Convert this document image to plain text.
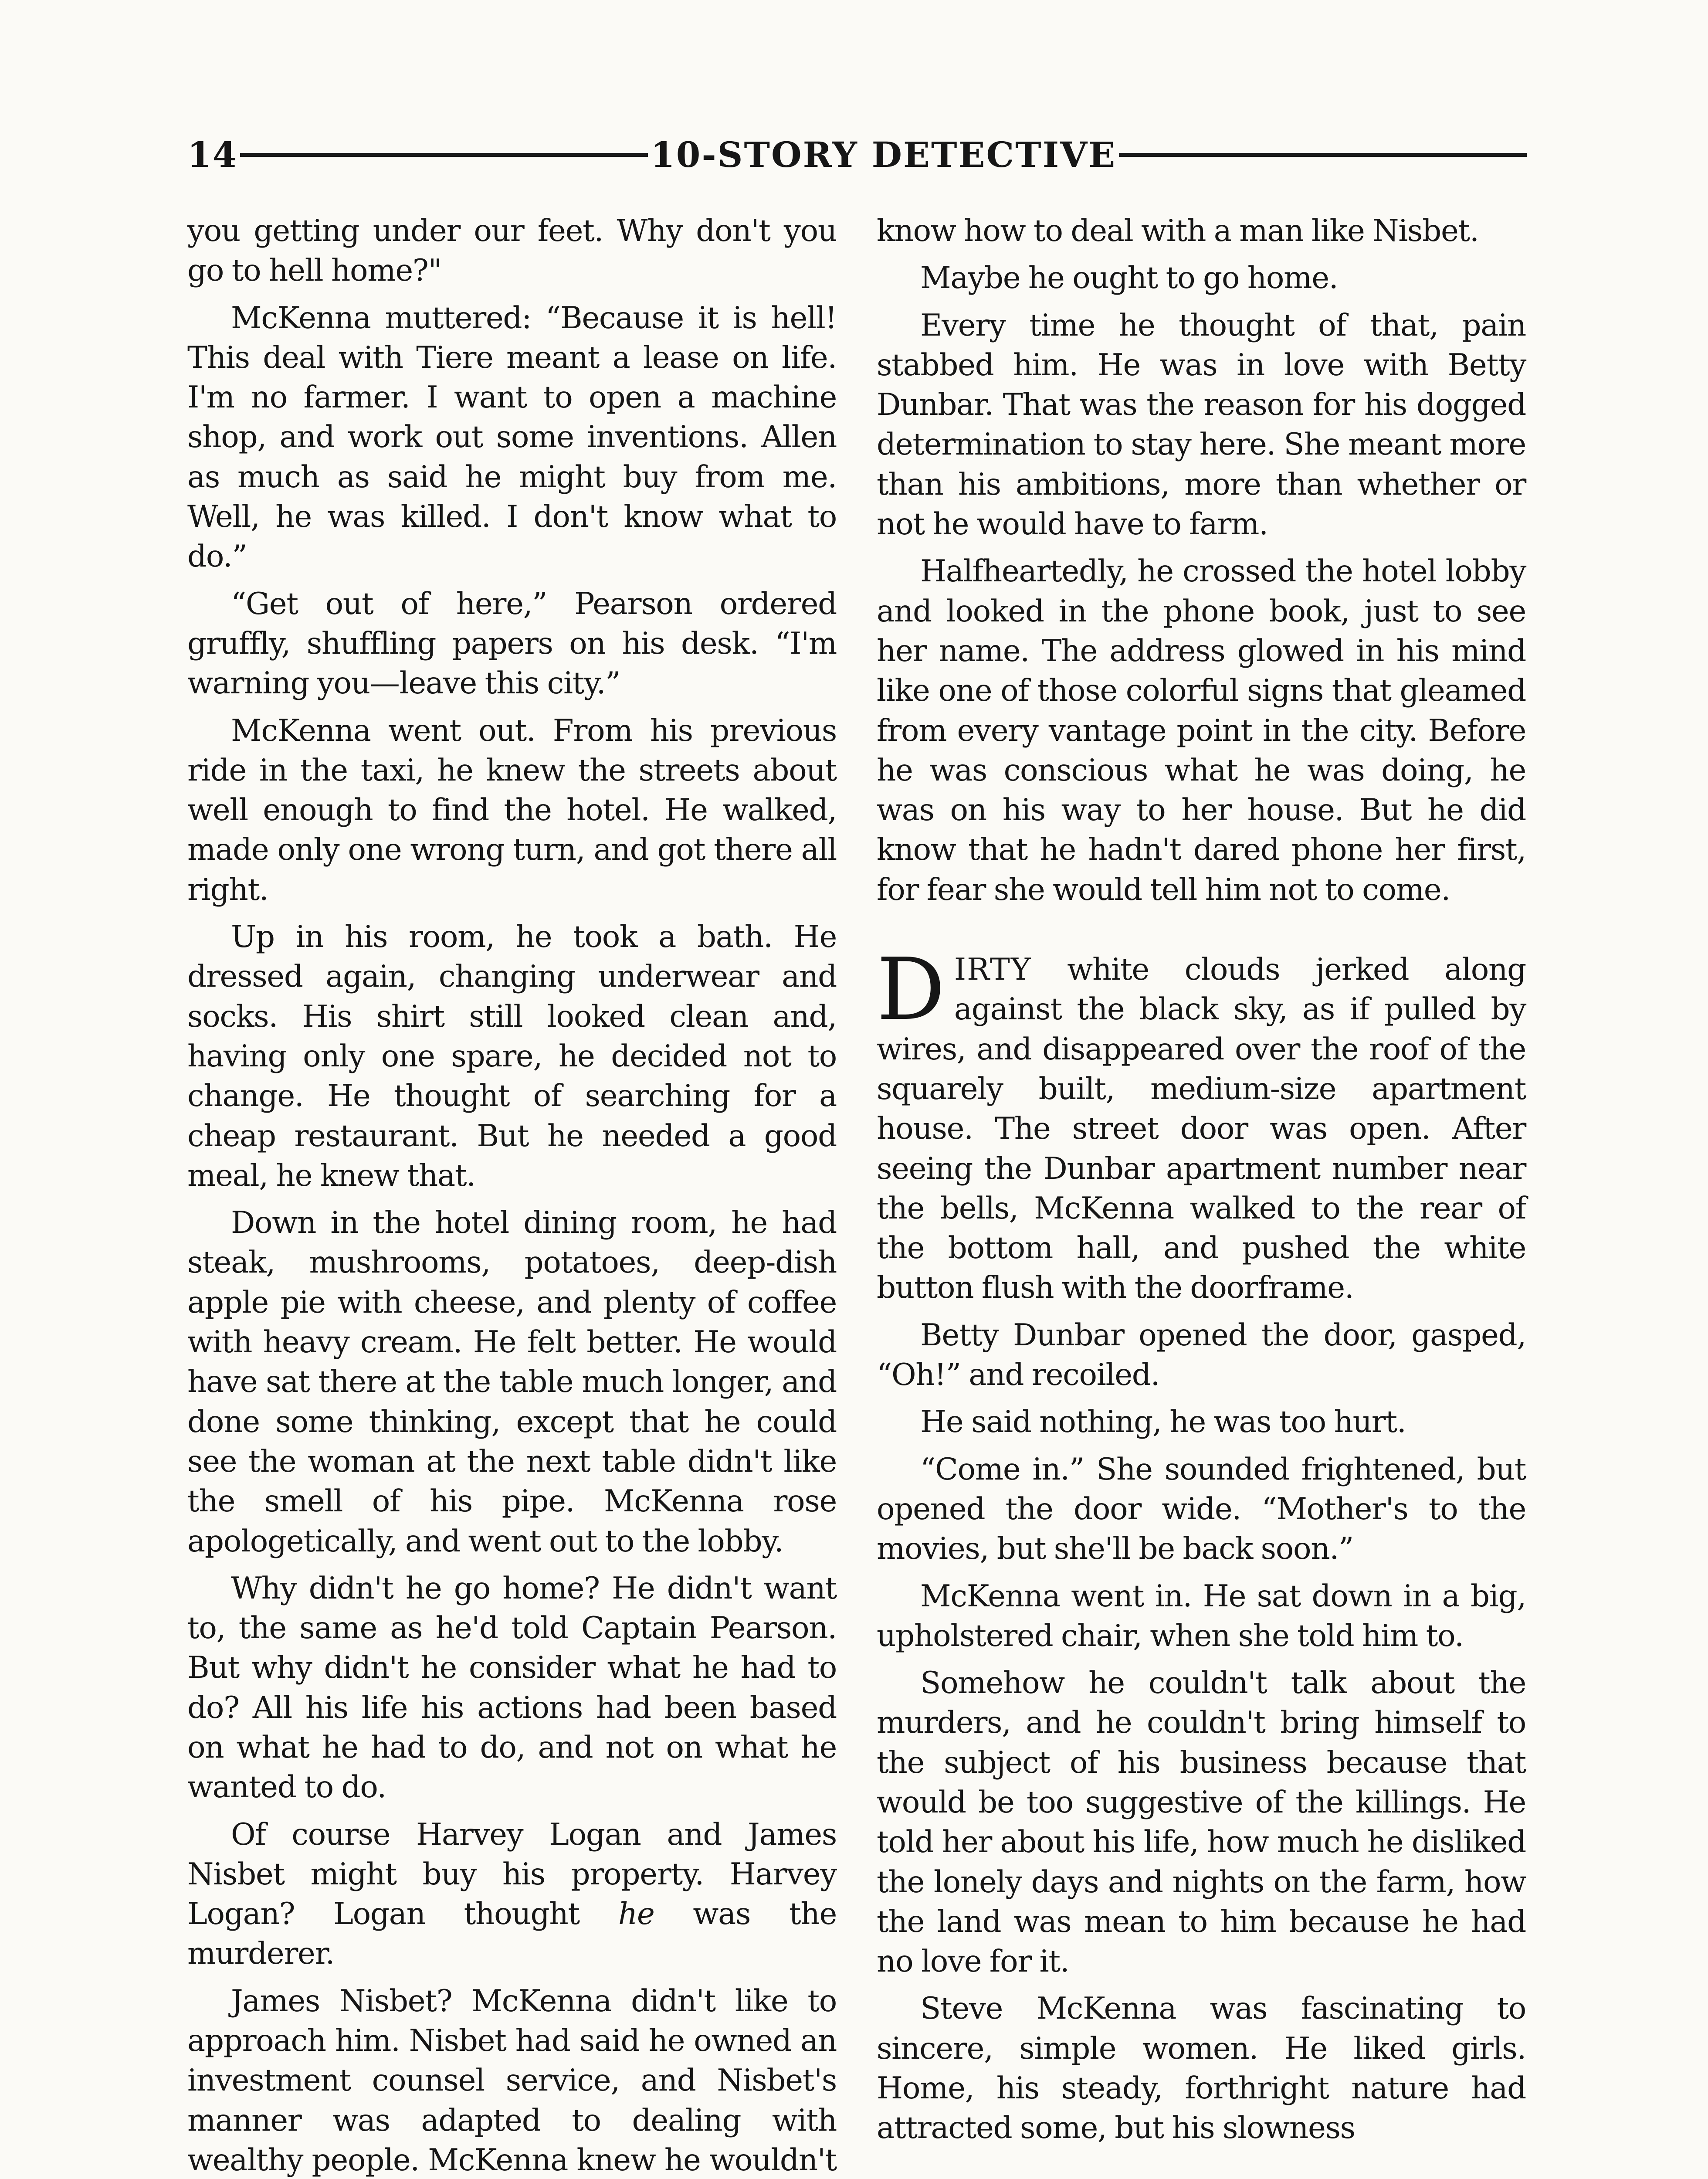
14	10-STORY DETECTIVE

you getting under our feet. Why don't you go to hell home?"

McKenna muttered: “Because it is hell! This deal with Tiere meant a lease on life. I'm no farmer. I want to open a machine shop, and work out some inventions. Allen as much as said he might buy from me. Well, he was killed. I don't know what to do.”

“Get out of here,” Pearson ordered gruffly, shuffling papers on his desk. “I'm warning you—leave this city.”

McKenna went out. From his previous ride in the taxi, he knew the streets about well enough to find the hotel. He walked, made only one wrong turn, and got there all right.

Up in his room, he took a bath. He dressed again, changing underwear and socks. His shirt still looked clean and, having only one spare, he decided not to change. He thought of searching for a cheap restaurant. But he needed a good meal, he knew that.

Down in the hotel dining room, he had steak, mushrooms, potatoes, deep-dish apple pie with cheese, and plenty of coffee with heavy cream. He felt better. He would have sat there at the table much longer, and done some thinking, except that he could see the woman at the next table didn't like the smell of his pipe. McKenna rose apologetically, and went out to the lobby.

Why didn't he go home? He didn't want to, the same as he'd told Captain Pearson. But why didn't he consider what he had to do? All his life his actions had been based on what he had to do, and not on what he wanted to do.

Of course Harvey Logan and James Nisbet might buy his property. Harvey Logan? Logan thought he was the murderer.

James Nisbet? McKenna didn't like to approach him. Nisbet had said he owned an investment counsel service, and Nisbet's manner was adapted to dealing with wealthy people. McKenna knew he wouldn't

know how to deal with a man like Nisbet.

Maybe he ought to go home.

Every time he thought of that, pain stabbed him. He was in love with Betty Dunbar. That was the reason for his dogged determination to stay here. She meant more than his ambitions, more than whether or not he would have to farm.

Halfheartedly, he crossed the hotel lobby and looked in the phone book, just to see her name. The address glowed in his mind like one of those colorful signs that gleamed from every vantage point in the city. Before he was conscious what he was doing, he was on his way to her house. But he did know that he hadn't dared phone her first, for fear she would tell him not to come.

DIRTY white clouds jerked along against the black sky, as if pulled by wires, and disappeared over the roof of the squarely built, medium-size apartment house. The street door was open. After seeing the Dunbar apartment number near the bells, McKenna walked to the rear of the bottom hall, and pushed the white button flush with the doorframe.

Betty Dunbar opened the door, gasped, “Oh!” and recoiled.

He said nothing, he was too hurt.

“Come in.” She sounded frightened, but opened the door wide. “Mother's to the movies, but she'll be back soon.”

McKenna went in. He sat down in a big, upholstered chair, when she told him to.

Somehow he couldn't talk about the murders, and he couldn't bring himself to the subject of his business because that would be too suggestive of the killings. He told her about his life, how much he disliked the lonely days and nights on the farm, how the land was mean to him because he had no love for it.

Steve McKenna was fascinating to sincere, simple women. He liked girls. Home, his steady, forthright nature had attracted some, but his slowness
